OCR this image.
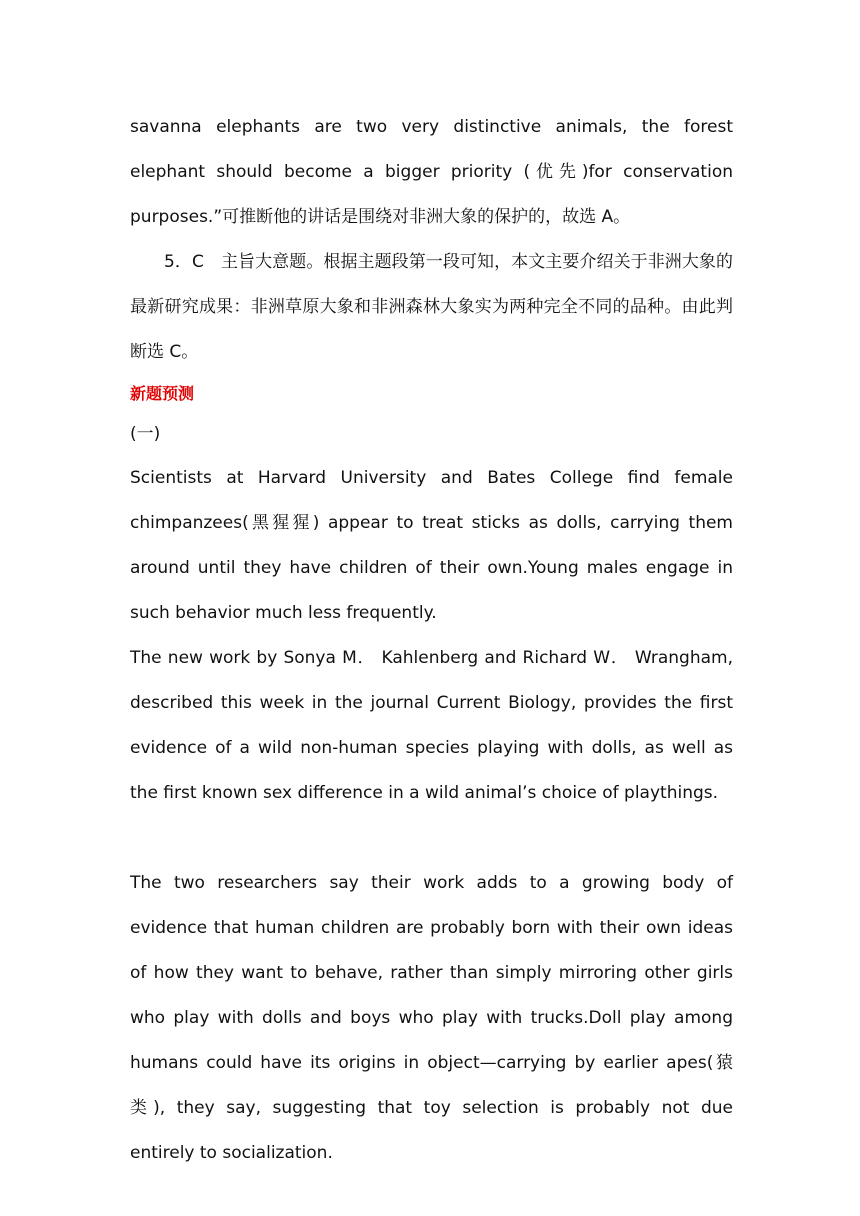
savanna elephants are two very distinctive animals, the forest elephant should become a bigger priority (优先)for conservation purposes.”可推断他的讲话是围绕对非洲大象的保护的，故选 A。

5．C　主旨大意题。根据主题段第一段可知，本文主要介绍关于非洲大象的最新研究成果：非洲草原大象和非洲森林大象实为两种完全不同的品种。由此判断选 C。

新题预测

(一)

Scientists at Harvard University and Bates College find female chimpanzees(黑猩猩) appear to treat sticks as dolls, carrying them around until they have children of their own.Young males engage in such behavior much less frequently.

The new work by Sonya M． Kahlenberg and Richard W． Wrangham, described this week in the journal Current Biology, provides the first evidence of a wild non-human species playing with dolls, as well as the first known sex difference in a wild animal’s choice of playthings.

The two researchers say their work adds to a growing body of evidence that human children are probably born with their own ideas of how they want to behave, rather than simply mirroring other girls who play with dolls and boys who play with trucks.Doll play among humans could have its origins in object—carrying by earlier apes(猿类), they say, suggesting that toy selection is probably not due entirely to socialization.
